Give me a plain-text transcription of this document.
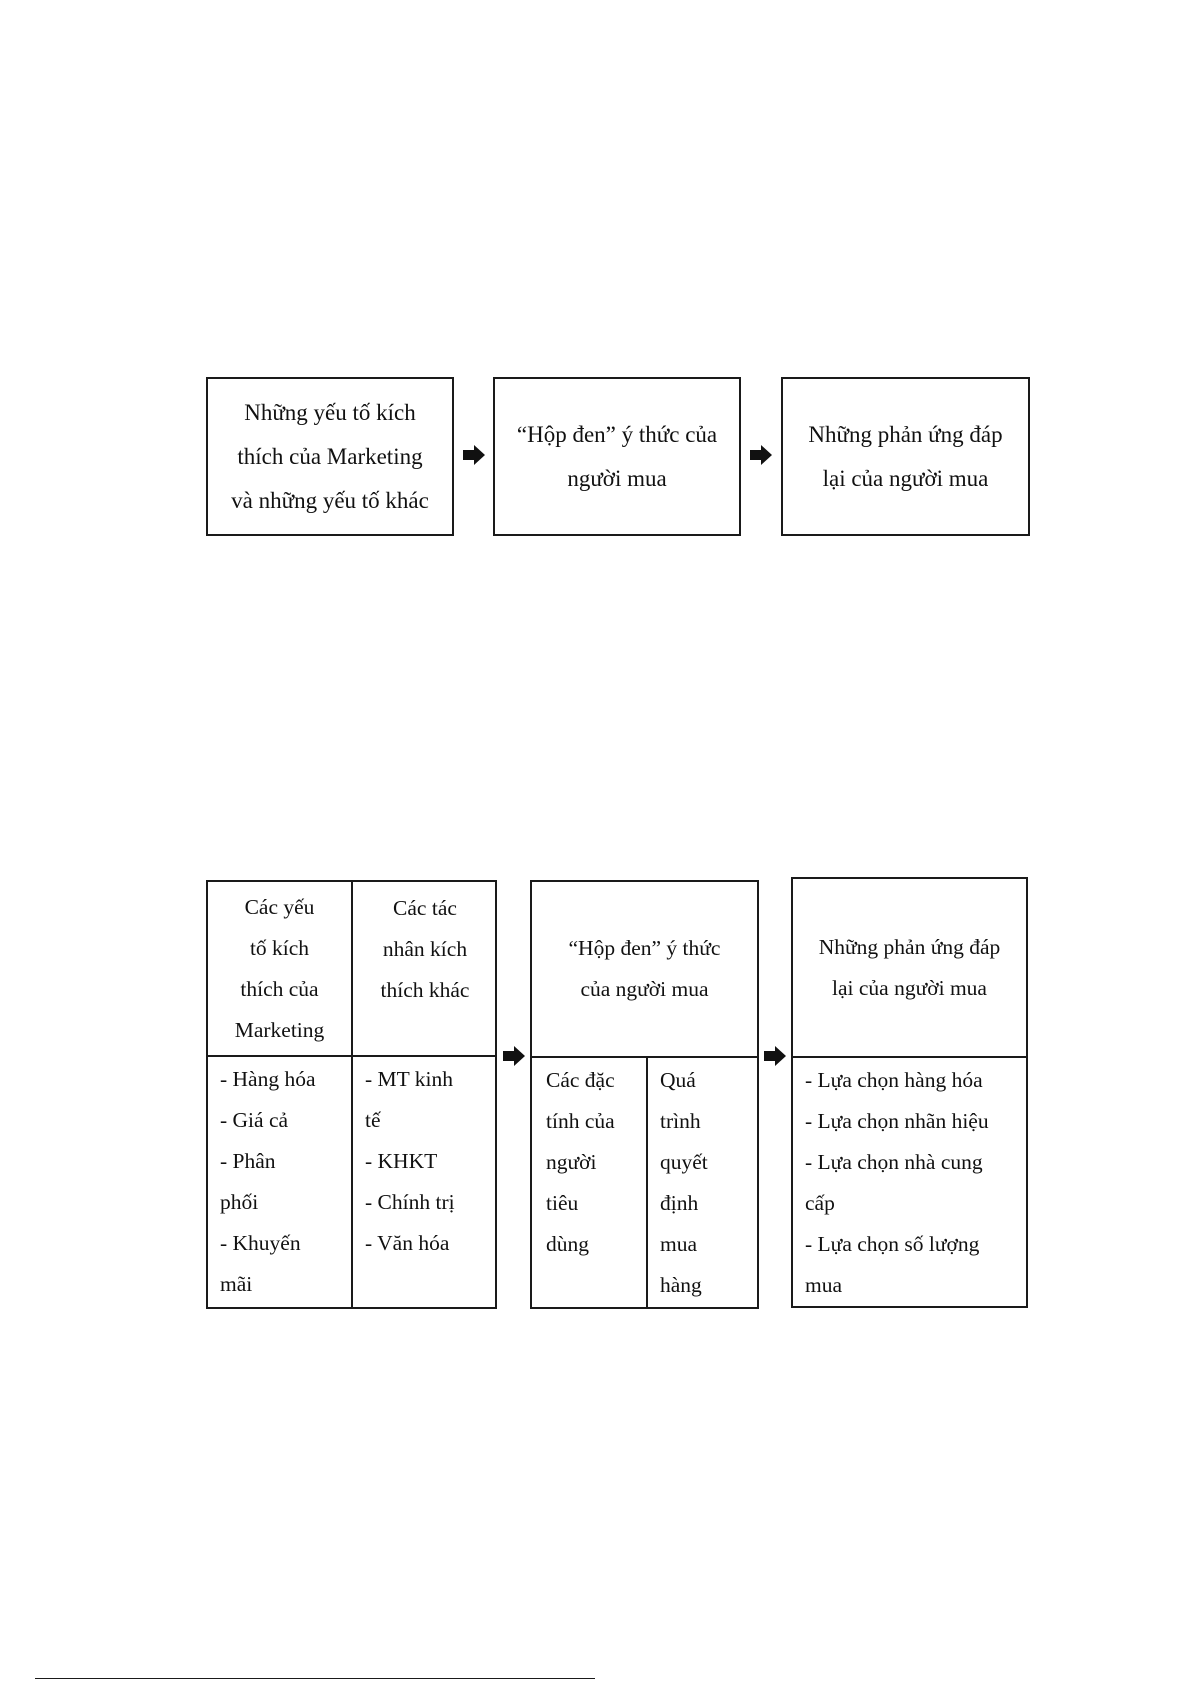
Những yếu tố kích
thích của Marketing
và những yếu tố khác
“Hộp đen” ý thức của
người mua
Những phản ứng đáp
lại của người mua
Các yếu
tố kích
thích của
Marketing
Các tác
nhân kích
thích khác
- Hàng hóa
- Giá cả
- Phân
phối
- Khuyến
mãi
- MT kinh
tế
- KHKT
- Chính trị
- Văn hóa
“Hộp đen” ý thức
của người mua
Các đặc
tính của
người
tiêu
dùng
Quá
trình
quyết
định
mua
hàng
Những phản ứng đáp
lại của người mua
- Lựa chọn hàng hóa
- Lựa chọn nhãn hiệu
- Lựa chọn nhà cung
cấp
- Lựa chọn số lượng
mua
